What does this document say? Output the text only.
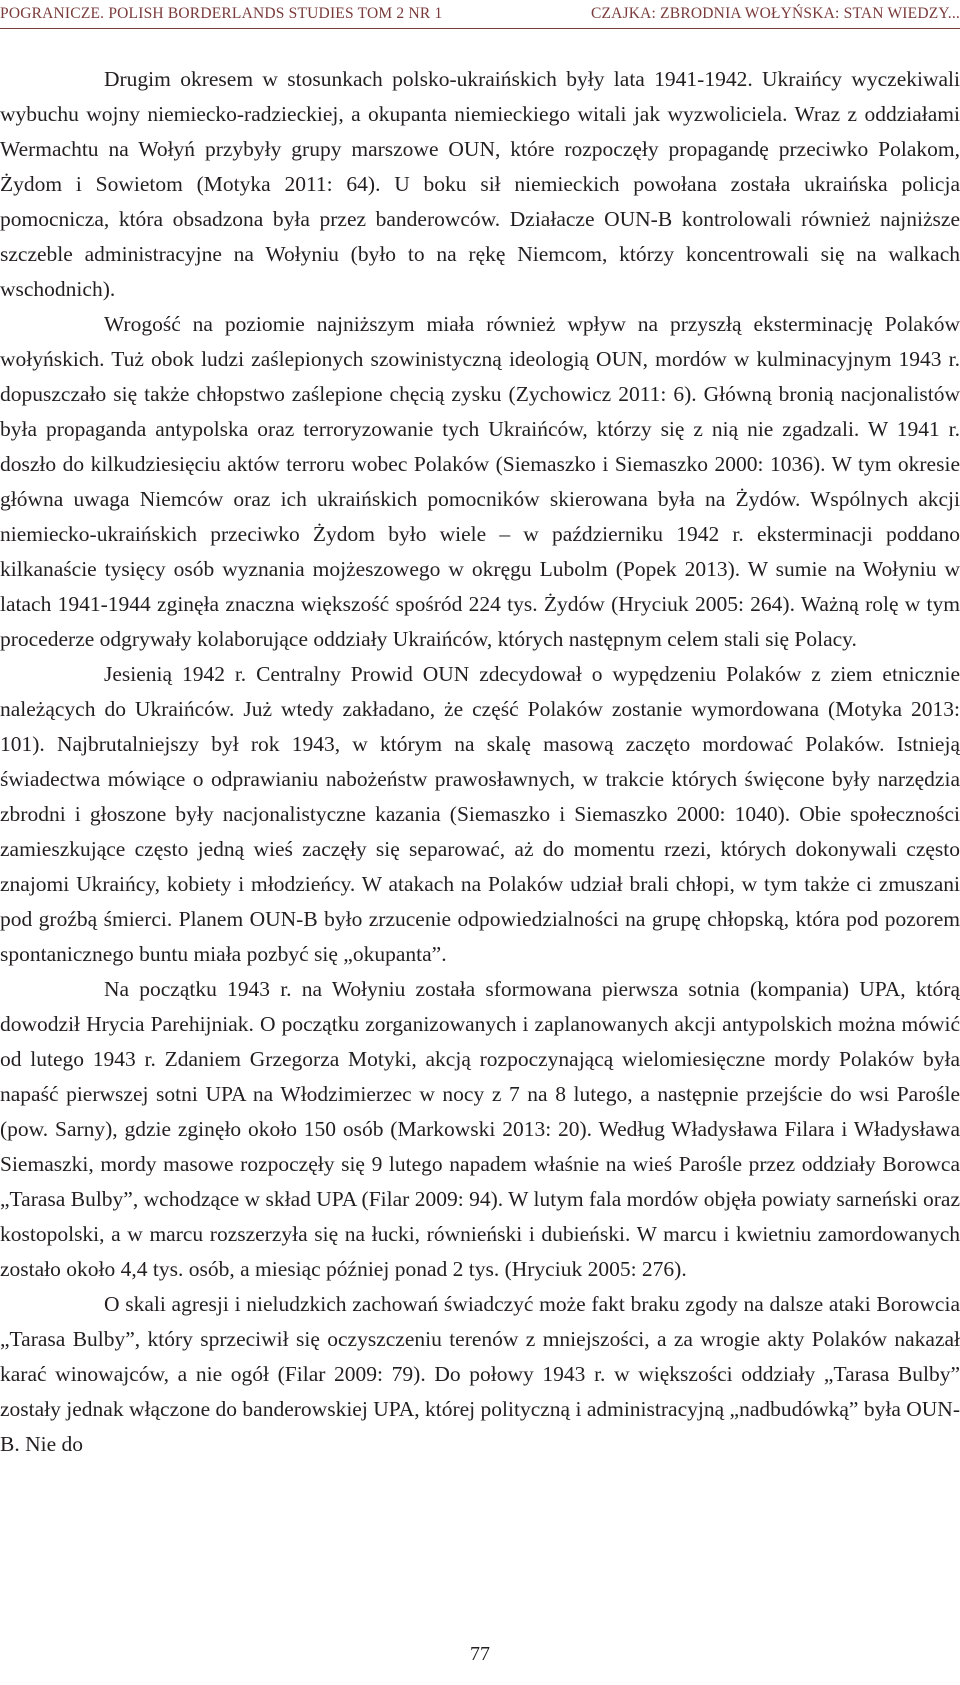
POGRANICZE. POLISH BORDERLANDS STUDIES TOM 2 NR 1	CZAJKA: ZBRODNIA WOŁYŃSKA: STAN WIEDZY...

Drugim okresem w stosunkach polsko-ukraińskich były lata 1941-1942. Ukraińcy wyczekiwali wybuchu wojny niemiecko-radzieckiej, a okupanta niemieckiego witali jak wyzwoliciela. Wraz z oddziałami Wermachtu na Wołyń przybyły grupy marszowe OUN, które rozpoczęły propagandę przeciwko Polakom, Żydom i Sowietom (Motyka 2011: 64). U boku sił niemieckich powołana została ukraińska policja pomocnicza, która obsadzona była przez banderowców. Działacze OUN-B kontrolowali również najniższe szczeble administracyjne na Wołyniu (było to na rękę Niemcom, którzy koncentrowali się na walkach wschodnich).

Wrogość na poziomie najniższym miała również wpływ na przyszłą eksterminację Polaków wołyńskich. Tuż obok ludzi zaślepionych szowinistyczną ideologią OUN, mordów w kulminacyjnym 1943 r. dopuszczało się także chłopstwo zaślepione chęcią zysku (Zychowicz 2011: 6). Główną bronią nacjonalistów była propaganda antypolska oraz terroryzowanie tych Ukraińców, którzy się z nią nie zgadzali. W 1941 r. doszło do kilkudziesięciu aktów terroru wobec Polaków (Siemaszko i Siemaszko 2000: 1036). W tym okresie główna uwaga Niemców oraz ich ukraińskich pomocników skierowana była na Żydów. Wspólnych akcji niemiecko-ukraińskich przeciwko Żydom było wiele – w październiku 1942 r. eksterminacji poddano kilkanaście tysięcy osób wyznania mojżeszowego w okręgu Lubolm (Popek 2013). W sumie na Wołyniu w latach 1941-1944 zginęła znaczna większość spośród 224 tys. Żydów (Hryciuk 2005: 264). Ważną rolę w tym procederze odgrywały kolaborujące oddziały Ukraińców, których następnym celem stali się Polacy.

Jesienią 1942 r. Centralny Prowid OUN zdecydował o wypędzeniu Polaków z ziem etnicznie należących do Ukraińców. Już wtedy zakładano, że część Polaków zostanie wymordowana (Motyka 2013: 101). Najbrutalniejszy był rok 1943, w którym na skalę masową zaczęto mordować Polaków. Istnieją świadectwa mówiące o odprawianiu nabożeństw prawosławnych, w trakcie których święcone były narzędzia zbrodni i głoszone były nacjonalistyczne kazania (Siemaszko i Siemaszko 2000: 1040). Obie społeczności zamieszkujące często jedną wieś zaczęły się separować, aż do momentu rzezi, których dokonywali często znajomi Ukraińcy, kobiety i młodzieńcy. W atakach na Polaków udział brali chłopi, w tym także ci zmuszani pod groźbą śmierci. Planem OUN-B było zrzucenie odpowiedzialności na grupę chłopską, która pod pozorem spontanicznego buntu miała pozbyć się „okupanta”.

Na początku 1943 r. na Wołyniu została sformowana pierwsza sotnia (kompania) UPA, którą dowodził Hrycia Parehijniak. O początku zorganizowanych i zaplanowanych akcji antypolskich można mówić od lutego 1943 r. Zdaniem Grzegorza Motyki, akcją rozpoczynającą wielomiesięczne mordy Polaków była napaść pierwszej sotni UPA na Włodzimierzec w nocy z 7 na 8 lutego, a następnie przejście do wsi Parośle (pow. Sarny), gdzie zginęło około 150 osób (Markowski 2013: 20). Według Władysława Filara i Władysława Siemaszki, mordy masowe rozpoczęły się 9 lutego napadem właśnie na wieś Parośle przez oddziały Borowca „Tarasa Bulby”, wchodzące w skład UPA (Filar 2009: 94). W lutym fala mordów objęła powiaty sarneński oraz kostopolski, a w marcu rozszerzyła się na łucki, równieński i dubieński. W marcu i kwietniu zamordowanych zostało około 4,4 tys. osób, a miesiąc później ponad 2 tys. (Hryciuk 2005: 276).

O skali agresji i nieludzkich zachowań świadczyć może fakt braku zgody na dalsze ataki Borowcia „Tarasa Bulby”, który sprzeciwił się oczyszczeniu terenów z mniejszości, a za wrogie akty Polaków nakazał karać winowajców, a nie ogół (Filar 2009: 79). Do połowy 1943 r. w większości oddziały „Tarasa Bulby” zostały jednak włączone do banderowskiej UPA, której polityczną i administracyjną „nadbudówką” była OUN-B. Nie do

77
